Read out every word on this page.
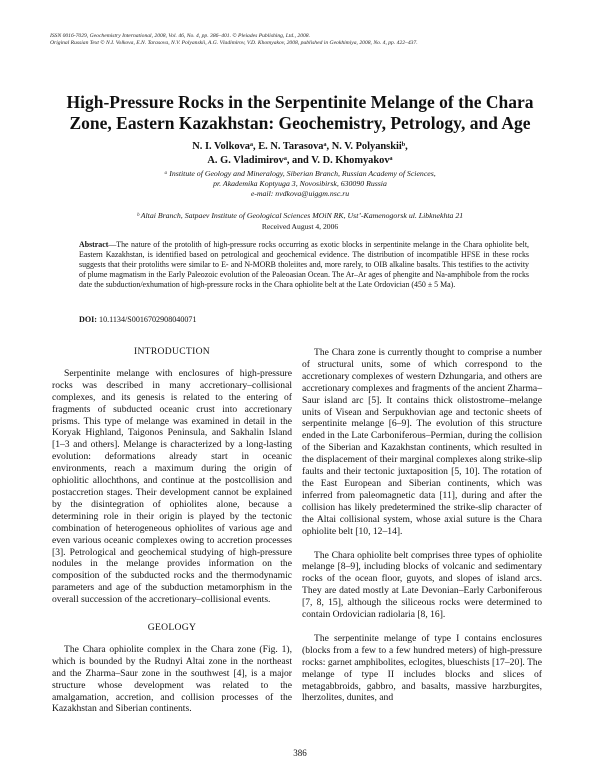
ISSN 0016-7029, Geochemistry International, 2008, Vol. 46, No. 4, pp. 386–401. © Pleiades Publishing, Ltd., 2008.
Original Russian Text © N.I. Volkova, E.N. Tarasova, N.V. Polyanskii, A.G. Vladimirov, V.D. Khomyakov, 2008, published in Geokhimiya, 2008, No. 4, pp. 422–437.
High-Pressure Rocks in the Serpentinite Melange of the Chara
Zone, Eastern Kazakhstan: Geochemistry, Petrology, and Age
N. I. Volkovaᵃ, E. N. Tarasovaᵃ, N. V. Polyanskiiᵇ,
A. G. Vladimirovᵃ, and V. D. Khomyakovᵃ
ᵃ Institute of Geology and Mineralogy, Siberian Branch, Russian Academy of Sciences,
pr. Akademika Koptyuga 3, Novosibirsk, 630090 Russia
e-mail: nvdkova@uiggm.nsc.ru
ᵇ Altai Branch, Satpaev Institute of Geological Sciences MOiN RK, Ust’-Kamenogorsk ul. Libknekhta 21
Received August 4, 2006
Abstract—The nature of the protolith of high-pressure rocks occurring as exotic blocks in serpentinite melange in the Chara ophiolite belt, Eastern Kazakhstan, is identified based on petrological and geochemical evidence. The distribution of incompatible HFSE in these rocks suggests that their protoliths were similar to E- and N-MORB tholeiites and, more rarely, to OIB alkaline basalts. This testifies to the activity of plume magmatism in the Early Paleozoic evolution of the Paleoasian Ocean. The Ar–Ar ages of phengite and Na-amphibole from the rocks date the subduction/exhumation of high-pressure rocks in the Chara ophiolite belt at the Late Ordovician (450 ± 5 Ma).
DOI: 10.1134/S0016702908040071
INTRODUCTION

Serpentinite melange with enclosures of high-pressure rocks was described in many accretionary–collisional complexes, and its genesis is related to the entering of fragments of subducted oceanic crust into accretionary prisms. This type of melange was examined in detail in the Koryak Highland, Taigonos Peninsula, and Sakhalin Island [1–3 and others]. Melange is characterized by a long-lasting evolution: deformations already start in oceanic environments, reach a maximum during the origin of ophiolitic allochthons, and continue at the postcollision and postaccretion stages. Their development cannot be explained by the disintegration of ophiolites alone, because a determining role in their origin is played by the tectonic combination of heterogeneous ophiolites of various age and even various oceanic complexes owing to accretion processes [3]. Petrological and geochemical studying of high-pressure nodules in the melange provides information on the composition of the subducted rocks and the thermodynamic parameters and age of the subduction metamorphism in the overall succession of the accretionary–collisional events.

GEOLOGY

The Chara ophiolite complex in the Chara zone (Fig. 1), which is bounded by the Rudnyi Altai zone in the northeast and the Zharma–Saur zone in the southwest [4], is a major structure whose development was related to the amalgamation, accretion, and collision processes of the Kazakhstan and Siberian continents.

The Chara zone is currently thought to comprise a number of structural units, some of which correspond to the accretionary complexes of western Dzhungaria, and others are accretionary complexes and fragments of the ancient Zharma–Saur island arc [5]. It contains thick olistostrome–melange units of Visean and Serpukhovian age and tectonic sheets of serpentinite melange [6–9]. The evolution of this structure ended in the Late Carboniferous–Permian, during the collision of the Siberian and Kazakhstan continents, which resulted in the displacement of their marginal complexes along strike-slip faults and their tectonic juxtaposition [5, 10]. The rotation of the East European and Siberian continents, which was inferred from paleomagnetic data [11], during and after the collision has likely predetermined the strike-slip character of the Altai collisional system, whose axial suture is the Chara ophiolite belt [10, 12–14].

The Chara ophiolite belt comprises three types of ophiolite melange [8–9], including blocks of volcanic and sedimentary rocks of the ocean floor, guyots, and slopes of island arcs. They are dated mostly at Late Devonian–Early Carboniferous [7, 8, 15], although the siliceous rocks were determined to contain Ordovician radiolaria [8, 16].

The serpentinite melange of type I contains enclosures (blocks from a few to a few hundred meters) of high-pressure rocks: garnet amphibolites, eclogites, blueschists [17–20]. The melange of type II includes blocks and slices of metagabbroids, gabbro, and basalts, massive harzburgites, lherzolites, dunites, and

386
